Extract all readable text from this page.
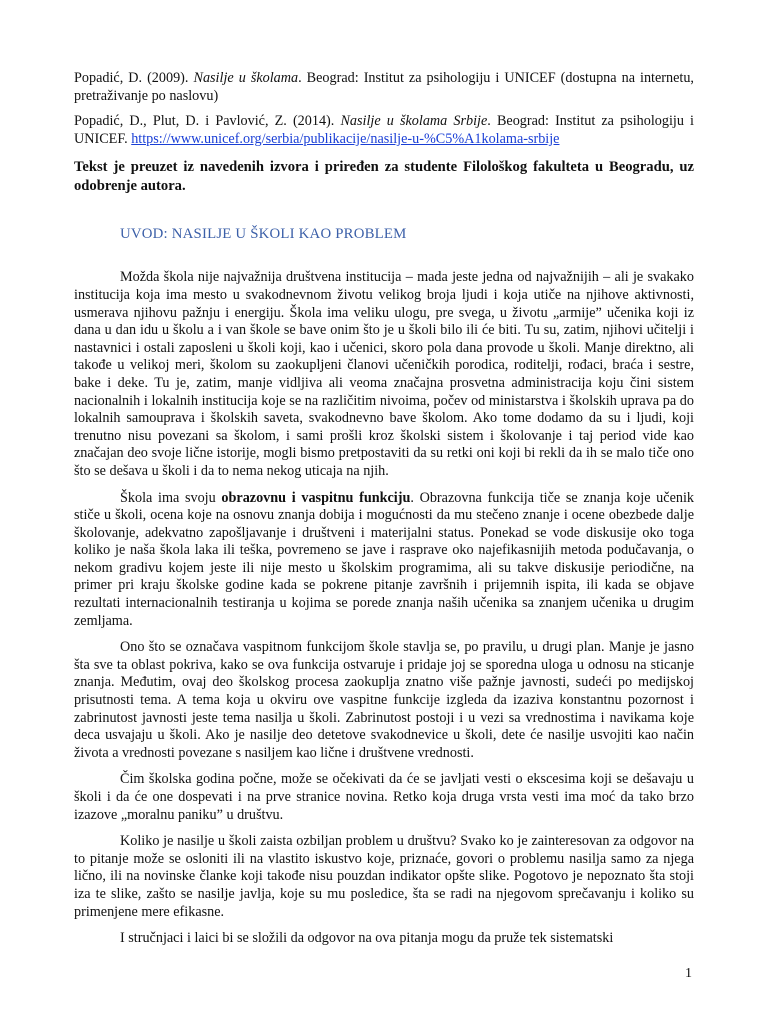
Popadić, D. (2009). Nasilje u školama. Beograd: Institut za psihologiju i UNICEF (dostupna na internetu, pretraživanje po naslovu)

Popadić, D., Plut, D. i Pavlović, Z. (2014). Nasilje u školama Srbije. Beograd: Institut za psihologiju i UNICEF. https://www.unicef.org/serbia/publikacije/nasilje-u-%C5%A1kolama-srbije

Tekst je preuzet iz navedenih izvora i priređen za studente Filološkog fakulteta u Beogradu, uz odobrenje autora.

UVOD: NASILJE U ŠKOLI KAO PROBLEM

Možda škola nije najvažnija društvena institucija – mada jeste jedna od najvažnijih – ali je svakako institucija koja ima mesto u svakodnevnom životu velikog broja ljudi i koja utiče na njihove aktivnosti, usmerava njihovu pažnju i energiju. Škola ima veliku ulogu, pre svega, u životu „armije” učenika koji iz dana u dan idu u školu a i van škole se bave onim što je u školi bilo ili će biti. Tu su, zatim, njihovi učitelji i nastavnici i ostali zaposleni u školi koji, kao i učenici, skoro pola dana provode u školi. Manje direktno, ali takođe u velikoj meri, školom su zaokupljeni članovi učeničkih porodica, roditelji, rođaci, braća i sestre, bake i deke. Tu je, zatim, manje vidljiva ali veoma značajna prosvetna administracija koju čini sistem nacionalnih i lokalnih institucija koje se na različitim nivoima, počev od ministarstva i školskih uprava pa do lokalnih samouprava i školskih saveta, svakodnevno bave školom. Ako tome dodamo da su i ljudi, koji trenutno nisu povezani sa školom, i sami prošli kroz školski sistem i školovanje i taj period vide kao značajan deo svoje lične istorije, mogli bismo pretpostaviti da su retki oni koji bi rekli da ih se malo tiče ono što se dešava u školi i da to nema nekog uticaja na njih.

Škola ima svoju obrazovnu i vaspitnu funkciju. Obrazovna funkcija tiče se znanja koje učenik stiče u školi, ocena koje na osnovu znanja dobija i mogućnosti da mu stečeno znanje i ocene obezbede dalje školovanje, adekvatno zapošljavanje i društveni i materijalni status. Ponekad se vode diskusije oko toga koliko je naša škola laka ili teška, povremeno se jave i rasprave oko najefikasnijih metoda podučavanja, o nekom gradivu kojem jeste ili nije mesto u školskim programima, ali su takve diskusije periodične, na primer pri kraju školske godine kada se pokrene pitanje završnih i prijemnih ispita, ili kada se objave rezultati internacionalnih testiranja u kojima se porede znanja naših učenika sa znanjem učenika u drugim zemljama.

Ono što se označava vaspitnom funkcijom škole stavlja se, po pravilu, u drugi plan. Manje je jasno šta sve ta oblast pokriva, kako se ova funkcija ostvaruje i pridaje joj se sporedna uloga u odnosu na sticanje znanja. Međutim, ovaj deo školskog procesa zaokuplja znatno više pažnje javnosti, sudeći po medijskoj prisutnosti tema. A tema koja u okviru ove vaspitne funkcije izgleda da izaziva konstantnu pozornost i zabrinutost javnosti jeste tema nasilja u školi. Zabrinutost postoji i u vezi sa vrednostima i navikama koje deca usvajaju u školi. Ako je nasilje deo detetove svakodnevice u školi, dete će nasilje usvojiti kao način života a vrednosti povezane s nasiljem kao lične i društvene vrednosti.

Čim školska godina počne, može se očekivati da će se javljati vesti o ekscesima koji se dešavaju u školi i da će one dospevati i na prve stranice novina. Retko koja druga vrsta vesti ima moć da tako brzo izazove „moralnu paniku” u društvu.

Koliko je nasilje u školi zaista ozbiljan problem u društvu? Svako ko je zainteresovan za odgovor na to pitanje može se osloniti ili na vlastito iskustvo koje, priznaće, govori o problemu nasilja samo za njega lično, ili na novinske članke koji takođe nisu pouzdan indikator opšte slike. Pogotovo je nepoznato šta stoji iza te slike, zašto se nasilje javlja, koje su mu posledice, šta se radi na njegovom sprečavanju i koliko su primenjene mere efikasne.

I stručnjaci i laici bi se složili da odgovor na ova pitanja mogu da pruže tek sistematski

1
